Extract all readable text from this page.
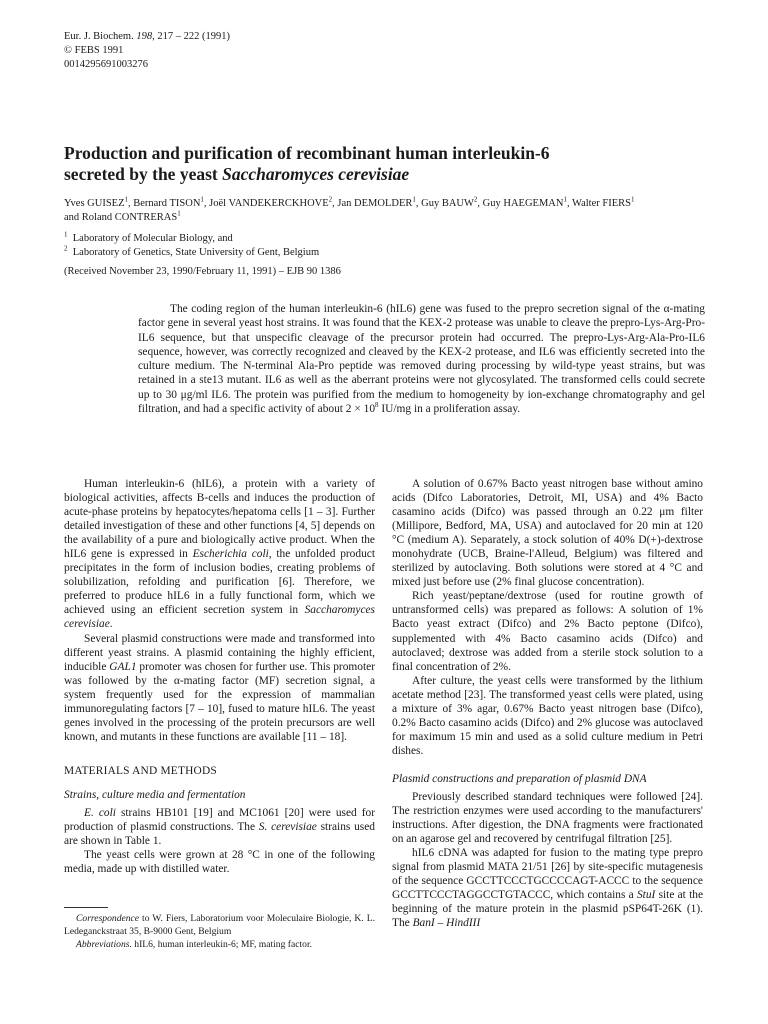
Eur. J. Biochem. 198, 217 – 222 (1991)
© FEBS 1991
0014295691003276
Production and purification of recombinant human interleukin-6
secreted by the yeast Saccharomyces cerevisiae
Yves GUISEZ$^1$, Bernard TISON$^1$, Joël VANDEKERCKHOVE$^2$, Jan DEMOLDER$^1$, Guy BAUW$^2$, Guy HAEGEMAN$^1$, Walter FIERS$^1$
and Roland CONTRERAS$^1$
$^1$ Laboratory of Molecular Biology, and
$^2$ Laboratory of Genetics, State University of Gent, Belgium
(Received November 23, 1990/February 11, 1991) – EJB 90 1386

The coding region of the human interleukin-6 (hIL6) gene was fused to the prepro secretion signal of the α-mating factor gene in several yeast host strains. It was found that the KEX-2 protease was unable to cleave the prepro-Lys-Arg-Pro-IL6 sequence, but that unspecific cleavage of the precursor protein had occurred. The prepro-Lys-Arg-Ala-Pro-IL6 sequence, however, was correctly recognized and cleaved by the KEX-2 protease, and IL6 was efficiently secreted into the culture medium. The N-terminal Ala-Pro peptide was removed during processing by wild-type yeast strains, but was retained in a ste13 mutant. IL6 as well as the aberrant proteins were not glycosylated. The transformed cells could secrete up to 30 μg/ml IL6. The protein was purified from the medium to homogeneity by ion-exchange chromatography and gel filtration, and had a specific activity of about $2 \times 10^8$ IU/mg in a proliferation assay.

Human interleukin-6 (hIL6), a protein with a variety of biological activities, affects B-cells and induces the production of acute-phase proteins by hepatocytes/hepatoma cells [1 – 3]. Further detailed investigation of these and other functions [4, 5] depends on the availability of a pure and biologically active product. When the hIL6 gene is expressed in Escherichia coli, the unfolded product precipitates in the form of inclusion bodies, creating problems of solubilization, refolding and purification [6]. Therefore, we preferred to produce hIL6 in a fully functional form, which we achieved using an efficient secretion system in Saccharomyces cerevisiae.

Several plasmid constructions were made and transformed into different yeast strains. A plasmid containing the highly efficient, inducible GAL1 promoter was chosen for further use. This promoter was followed by the α-mating factor (MF) secretion signal, a system frequently used for the expression of mammalian immunoregulating factors [7 – 10], fused to mature hIL6. The yeast genes involved in the processing of the protein precursors are well known, and mutants in these functions are available [11 – 18].

MATERIALS AND METHODS

Strains, culture media and fermentation

E. coli strains HB101 [19] and MC1061 [20] were used for production of plasmid constructions. The S. cerevisiae strains used are shown in Table 1.

The yeast cells were grown at 28 °C in one of the following media, made up with distilled water.

Correspondence to W. Fiers, Laboratorium voor Moleculaire Biologie, K. L. Ledeganckstraat 35, B-9000 Gent, Belgium

Abbreviations. hIL6, human interleukin-6; MF, mating factor.

A solution of 0.67% Bacto yeast nitrogen base without amino acids (Difco Laboratories, Detroit, MI, USA) and 4% Bacto casamino acids (Difco) was passed through an 0.22 μm filter (Millipore, Bedford, MA, USA) and autoclaved for 20 min at 120 °C (medium A). Separately, a stock solution of 40% D(+)-dextrose monohydrate (UCB, Braine-l'Alleud, Belgium) was filtered and sterilized by autoclaving. Both solutions were stored at 4 °C and mixed just before use (2% final glucose concentration).

Rich yeast/peptane/dextrose (used for routine growth of untransformed cells) was prepared as follows: A solution of 1% Bacto yeast extract (Difco) and 2% Bacto peptone (Difco), supplemented with 4% Bacto casamino acids (Difco) and autoclaved; dextrose was added from a sterile stock solution to a final concentration of 2%.

After culture, the yeast cells were transformed by the lithium acetate method [23]. The transformed yeast cells were plated, using a mixture of 3% agar, 0.67% Bacto yeast nitrogen base (Difco), 0.2% Bacto casamino acids (Difco) and 2% glucose was autoclaved for maximum 15 min and used as a solid culture medium in Petri dishes.

Plasmid constructions and preparation of plasmid DNA

Previously described standard techniques were followed [24]. The restriction enzymes were used according to the manufacturers' instructions. After digestion, the DNA fragments were fractionated on an agarose gel and recovered by centrifugal filtration [25].

hIL6 cDNA was adapted for fusion to the mating type prepro signal from plasmid MATA 21/51 [26] by site-specific mutagenesis of the sequence GCCTTCCCTGCCCCAGT-ACCC to the sequence GCCTTCCCTAGGCCTGTACCC, which contains a StuI site at the beginning of the mature protein in the plasmid pSP64T-26K (1). The BanI – HindIII
